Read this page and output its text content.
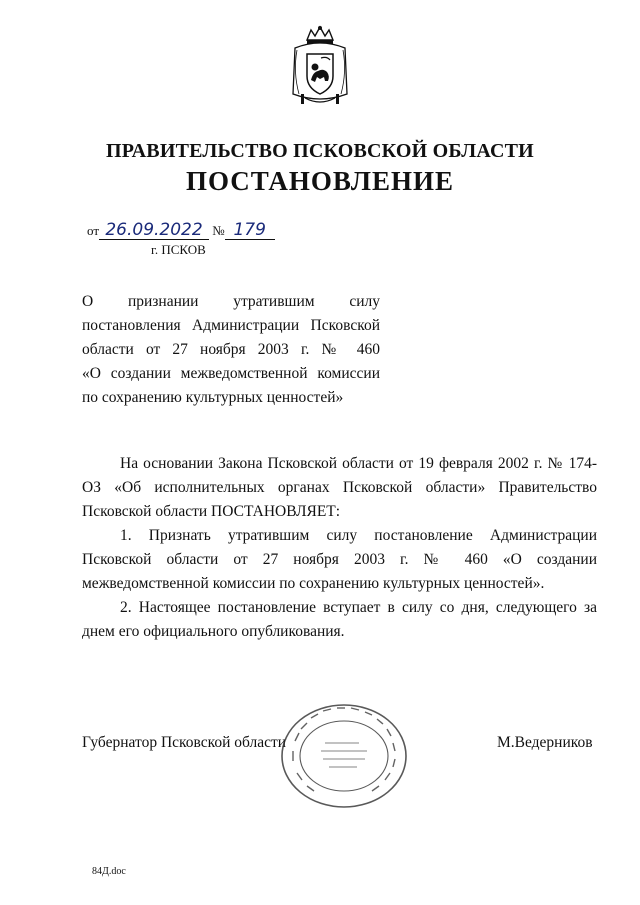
ПРАВИТЕЛЬСТВО ПСКОВСКОЙ ОБЛАСТИ
ПОСТАНОВЛЕНИЕ
от 26.09.2022 № 179
г. ПСКОВ
О признании утратившим силу
постановления Администрации Псковской
области от 27 ноября 2003 г. № 460
«О создании межведомственной комиссии
по сохранению культурных ценностей»

На основании Закона Псковской области от 19 февраля 2002 г. № 174-ОЗ «Об исполнительных органах Псковской области» Правительство Псковской области ПОСТАНОВЛЯЕТ:

1. Признать утратившим силу постановление Администрации Псковской области от 27 ноября 2003 г. № 460 «О создании межведомственной комиссии по сохранению культурных ценностей».

2. Настоящее постановление вступает в силу со дня, следующего за днем его официального опубликования.

Губернатор Псковской области	М.Ведерников
84Д.doc
